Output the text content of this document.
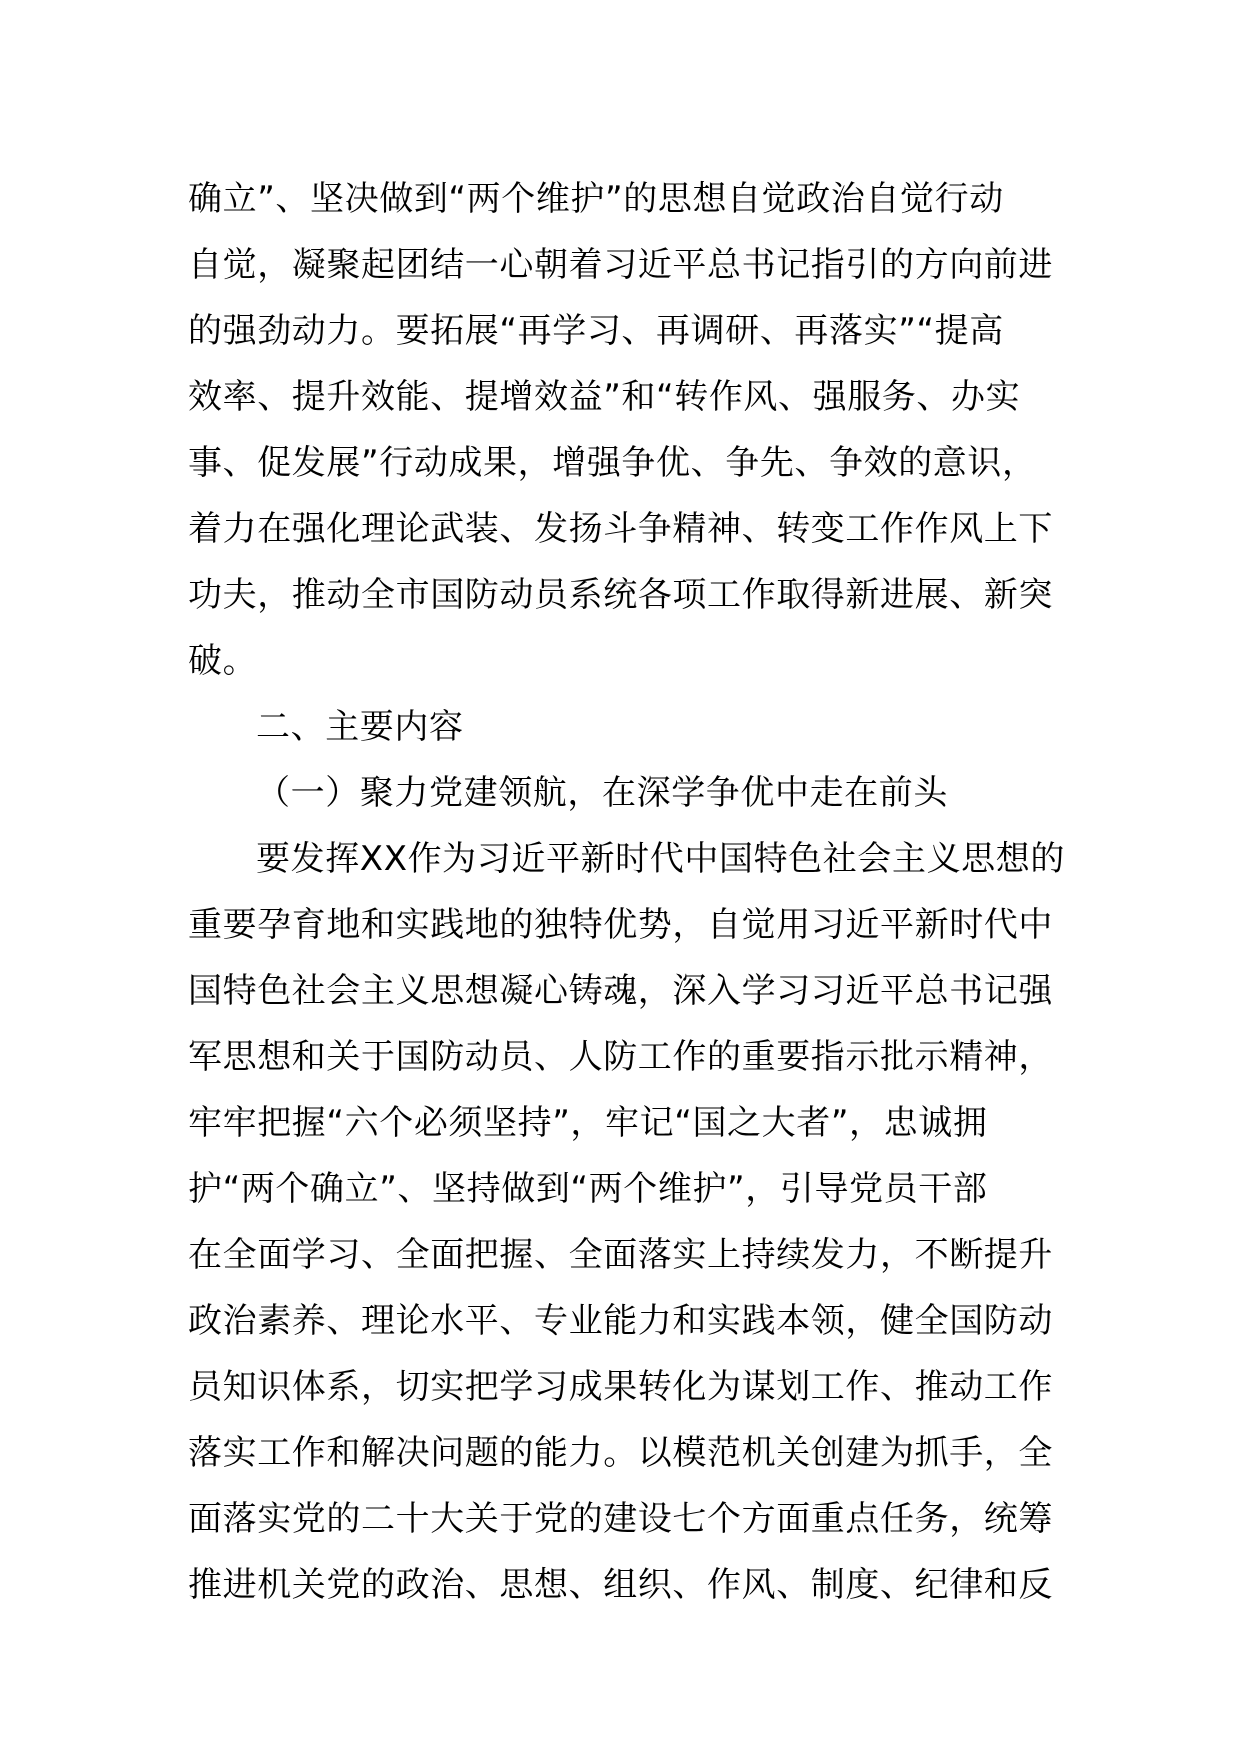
确立”、坚决做到“两个维护”的思想自觉政治自觉行动
自觉，凝聚起团结一心朝着习近平总书记指引的方向前进
的强劲动力。要拓展“再学习、再调研、再落实”“提高
效率、提升效能、提增效益”和“转作风、强服务、办实
事、促发展”行动成果，增强争优、争先、争效的意识，
着力在强化理论武装、发扬斗争精神、转变工作作风上下
功夫，推动全市国防动员系统各项工作取得新进展、新突
破。
二、主要内容
（一）聚力党建领航，在深学争优中走在前头
要发挥XX作为习近平新时代中国特色社会主义思想的
重要孕育地和实践地的独特优势，自觉用习近平新时代中
国特色社会主义思想凝心铸魂，深入学习习近平总书记强
军思想和关于国防动员、人防工作的重要指示批示精神，
牢牢把握“六个必须坚持”，牢记“国之大者”，忠诚拥
护“两个确立”、坚持做到“两个维护”，引导党员干部
在全面学习、全面把握、全面落实上持续发力，不断提升
政治素养、理论水平、专业能力和实践本领，健全国防动
员知识体系，切实把学习成果转化为谋划工作、推动工作
落实工作和解决问题的能力。以模范机关创建为抓手，全
面落实党的二十大关于党的建设七个方面重点任务，统筹
推进机关党的政治、思想、组织、作风、制度、纪律和反
